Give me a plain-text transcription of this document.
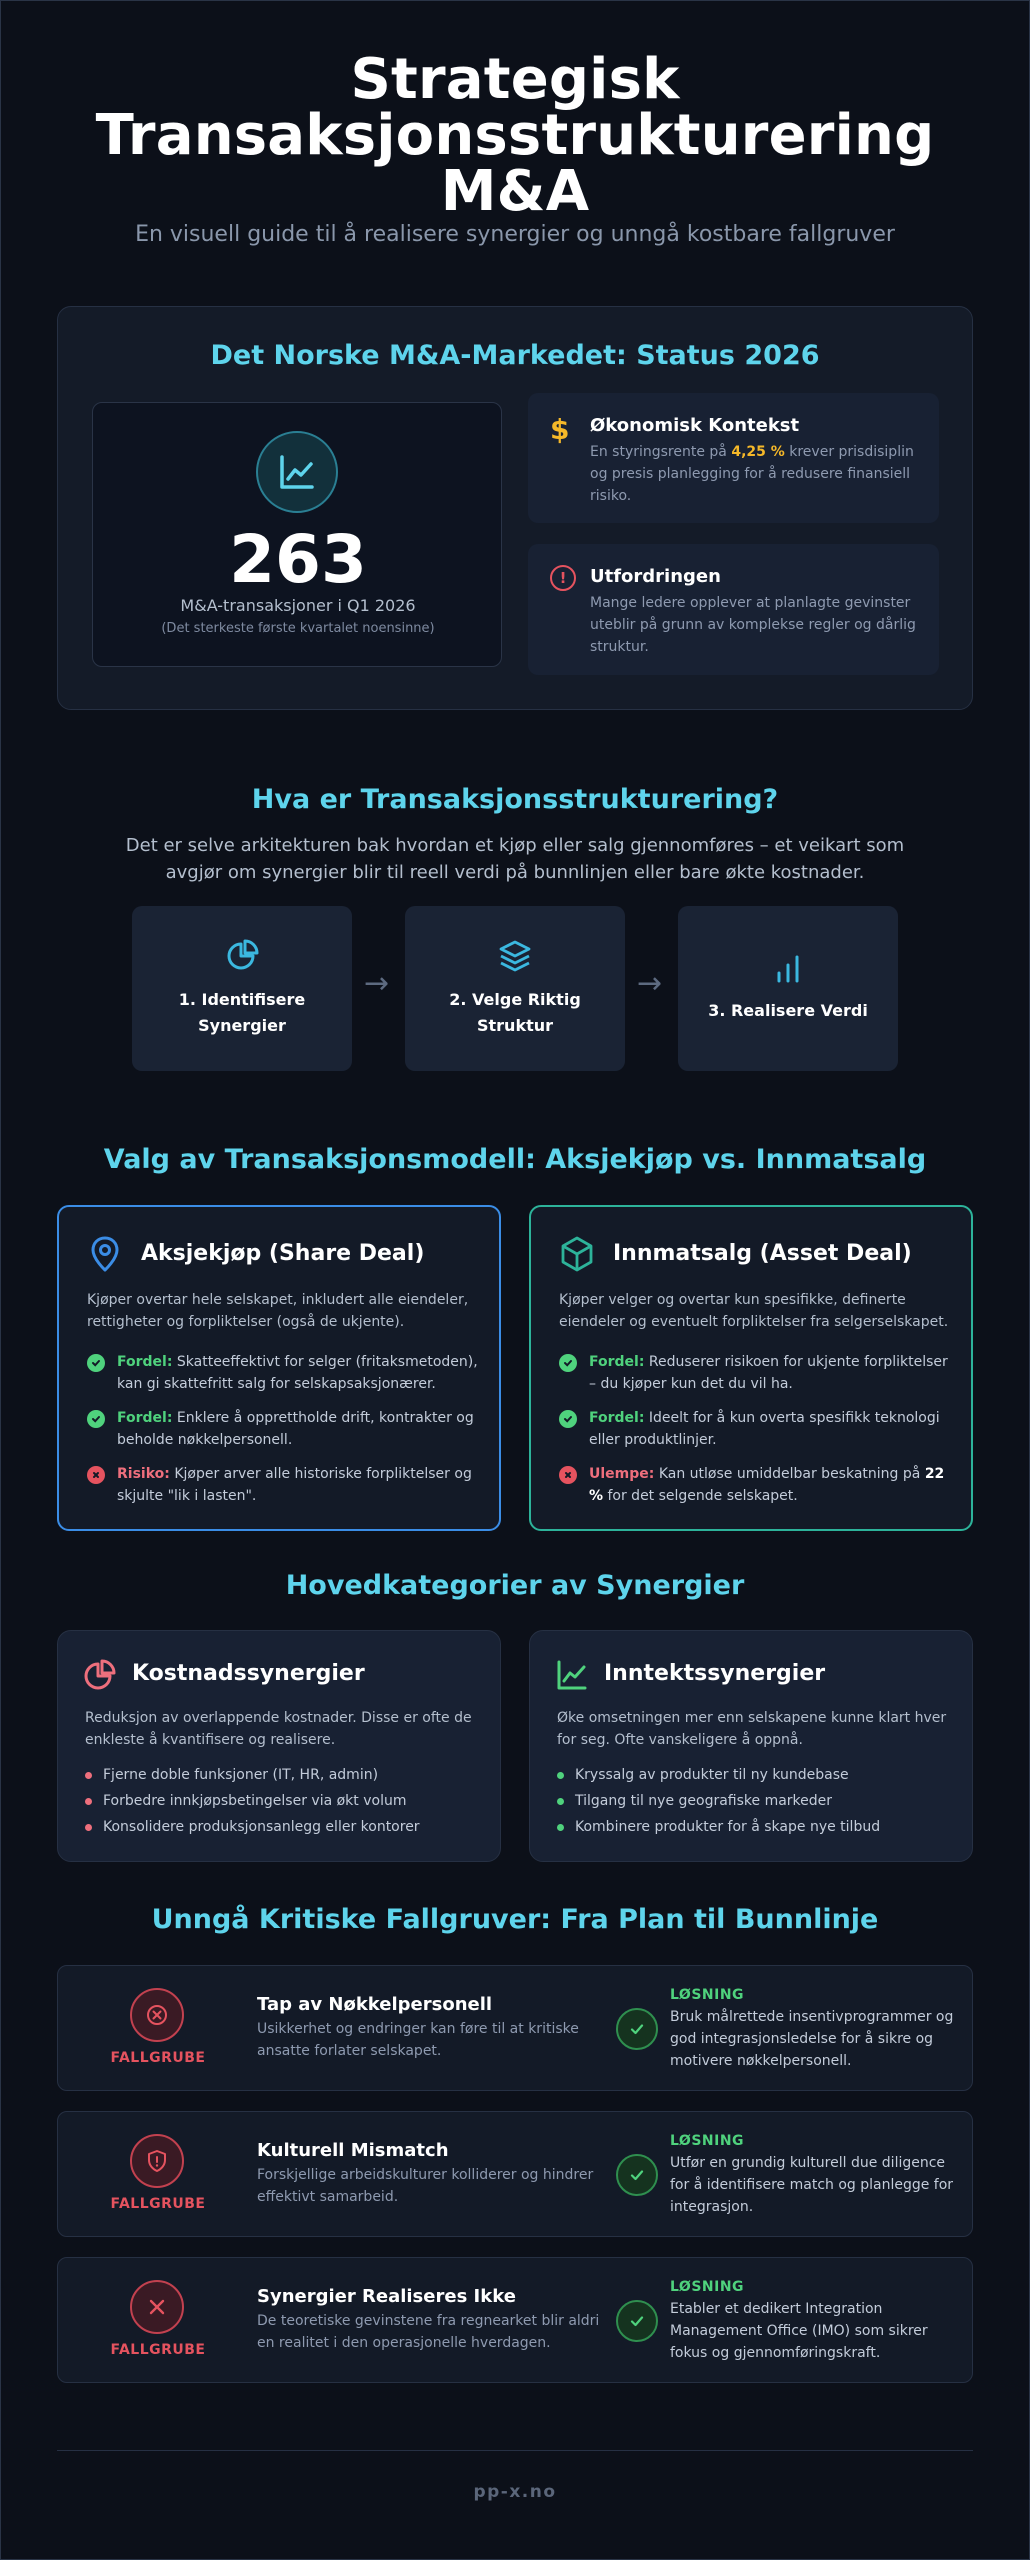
Strategisk
Transaksjonsstrukturering
M&A
En visuell guide til å realisere synergier og unngå kostbare fallgruver
Det Norske M&A-Markedet: Status 2026
263
M&A-transaksjoner i Q1 2026
(Det sterkeste første kvartalet noensinne)
$ Økonomisk Kontekst
En styringsrente på 4,25 % krever prisdisiplin og presis planlegging for å redusere finansiell risiko.
!	Utfordringen
Mange ledere opplever at planlagte gevinster uteblir på grunn av komplekse regler og dårlig struktur.
Hva er Transaksjonsstrukturering?
Det er selve arkitekturen bak hvordan et kjøp eller salg gjennomføres – et veikart som
avgjør om synergier blir til reell verdi på bunnlinjen eller bare økte kostnader.
1. Identifisere
Synergier
→	2. Velge Riktig
Struktur
→
3. Realisere Verdi
Valg av Transaksjonsmodell: Aksjekjøp vs. Innmatsalg
Aksjekjøp (Share Deal)
Kjøper overtar hele selskapet, inkludert alle eiendeler, rettigheter og forpliktelser (også de ukjente).
Fordel: Skatteeffektivt for selger (fritaksmetoden), kan gi skattefritt salg for selskapsaksjonærer.
Fordel: Enklere å opprettholde drift, kontrakter og beholde nøkkelpersonell.
Risiko: Kjøper arver alle historiske forpliktelser og skjulte "lik i lasten".
Innmatsalg (Asset Deal)
Kjøper velger og overtar kun spesifikke, definerte eiendeler og eventuelt forpliktelser fra selgerselskapet.
Fordel: Reduserer risikoen for ukjente forpliktelser – du kjøper kun det du vil ha.
Fordel: Ideelt for å kun overta spesifikk teknologi eller produktlinjer.
Ulempe: Kan utløse umiddelbar beskatning på 22 % for det selgende selskapet.
Hovedkategorier av Synergier
Kostnadssynergier
Reduksjon av overlappende kostnader. Disse er ofte de enkleste å kvantifisere og realisere.
Fjerne doble funksjoner (IT, HR, admin)
Forbedre innkjøpsbetingelser via økt volum
Konsolidere produksjonsanlegg eller kontorer
Inntektssynergier
Øke omsetningen mer enn selskapene kunne klart hver for seg. Ofte vanskeligere å oppnå.
Kryssalg av produkter til ny kundebase
Tilgang til nye geografiske markeder
Kombinere produkter for å skape nye tilbud
Unngå Kritiske Fallgruver: Fra Plan til Bunnlinje
FALLGRUBE
Tap av Nøkkelpersonell
Usikkerhet og endringer kan føre til at kritiske ansatte forlater selskapet.
LØSNING
Bruk målrettede insentivprogrammer og god integrasjonsledelse for å sikre og motivere nøkkelpersonell.
FALLGRUBE
Kulturell Mismatch
Forskjellige arbeidskulturer kolliderer og hindrer effektivt samarbeid.
LØSNING
Utfør en grundig kulturell due diligence for å identifisere match og planlegge for integrasjon.
FALLGRUBE
Synergier Realiseres Ikke
De teoretiske gevinstene fra regnearket blir aldri en realitet i den operasjonelle hverdagen.
LØSNING
Etabler et dedikert Integration Management Office (IMO) som sikrer fokus og gjennomføringskraft.
pp-x.no
